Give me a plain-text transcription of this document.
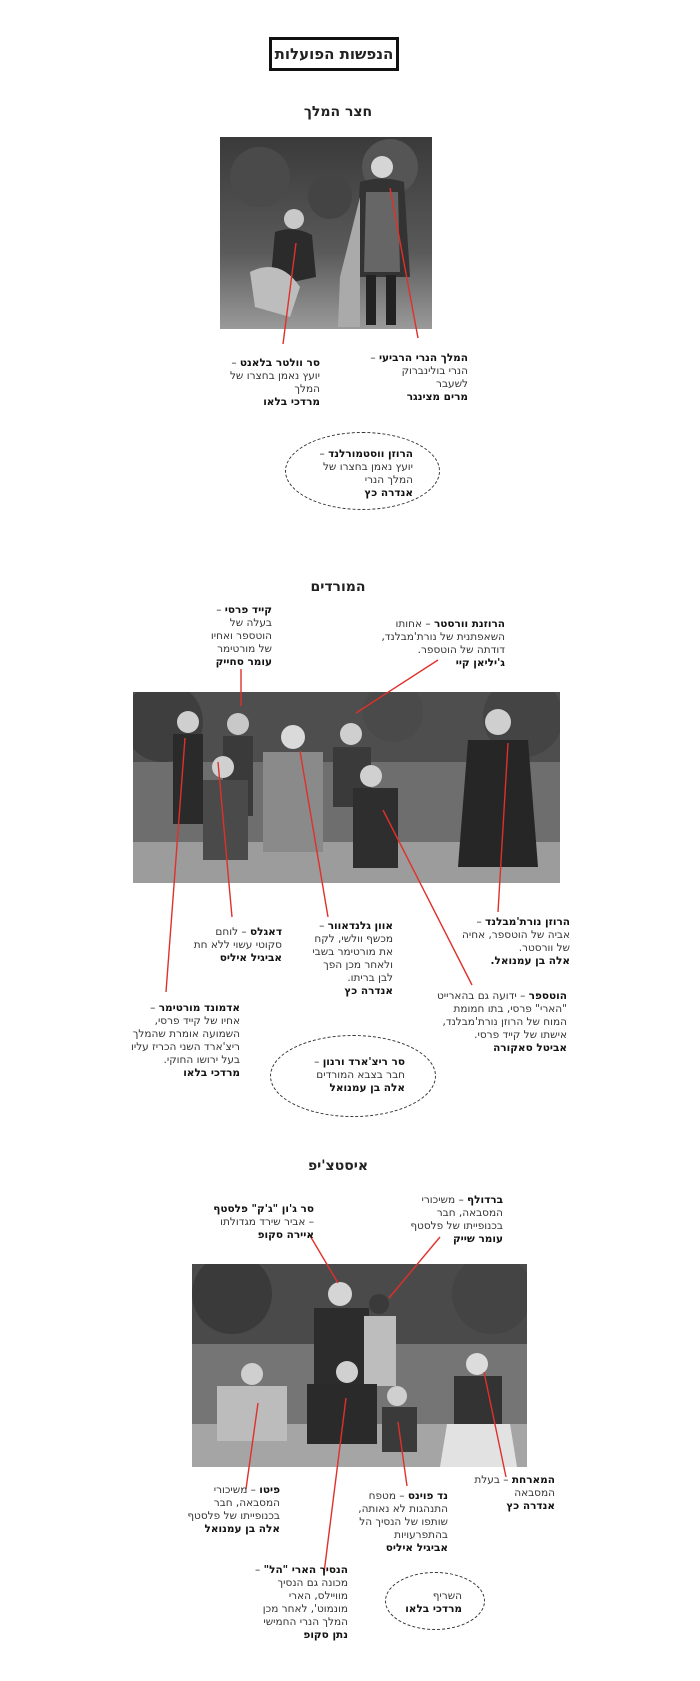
הנפשות הפועלות
חצר המלך
המורדים
איסטצ'יפ
המלך הנרי הרביעי – הנרי בולינברוק לשעבר
מרים מצינגר
סר וולטר בלאנט – יועץ נאמן בחצרו של המלך
מרדכי בלאו
הרוזן ווסטמורלנד – יועץ נאמן בחצרו של המלך הנרי
אנדרה כץ
קייד פרסי – בעלה של הוטספר ואחיו של מורטימר
עומר סחייק
הרוזנת וורסטר – אחותו השאפתנית של נורת'מבלנד, דודתה של הוטספר.
ג'יליאן קיי
הרוזן נורת'מבלנד – אביה של הוטספר, אחיה של וורסטר.
אלה בן עמנואל.
אוון גלנדאוור – מכשף וולשי, לקח את מורטימר בשבי ולאחר מכן הפך לבן בריתו.
אנדרה כץ
דאגלס – לוחם סקוטי עשוי ללא חת
אביגיל איליס
הוטספר – ידועה גם בהארייט "הארי" פרסי, בתו חמומת המוח של הרוזן נורת'מבלנד, אישתו של קייד פרסי.
אביטל סאקורה
אדמונד מורטימר – אחיו של קייד פרסי, השמועה אומרת שהמלך ריצ'ארד השני הכריז עליו בעל ירושו החוקי.
מרדכי בלאו
סר ריצ'ארד ורנון – חבר בצבא המורדים
אלה בן עמנואל
סר ג'ון "ג'ק" פלסטף – אביר שירד מגדולתו
איירה סקופ
ברדולף – משיכורי המסבאה, חבר בכנופייתו של פלסטף
עומר שייק
המארחת – בעלת המסבאה
אנדרה כץ
נד פוינס – מטפח התנהגות לא נאותה, שותפו של הנסיך הל בהתפרעויות
אביגיל איליס
פיטו – משיכורי המסבאה, חבר בכנופייתו של פלסטף
אלה בן עמנואל
הנסיך הארי "הל" – מכונה גם הנסיך מוויילס, הארי מונמוט', לאחר מכן המלך הנרי החמישי
נתן סקופ
השריף
מרדכי בלאו
